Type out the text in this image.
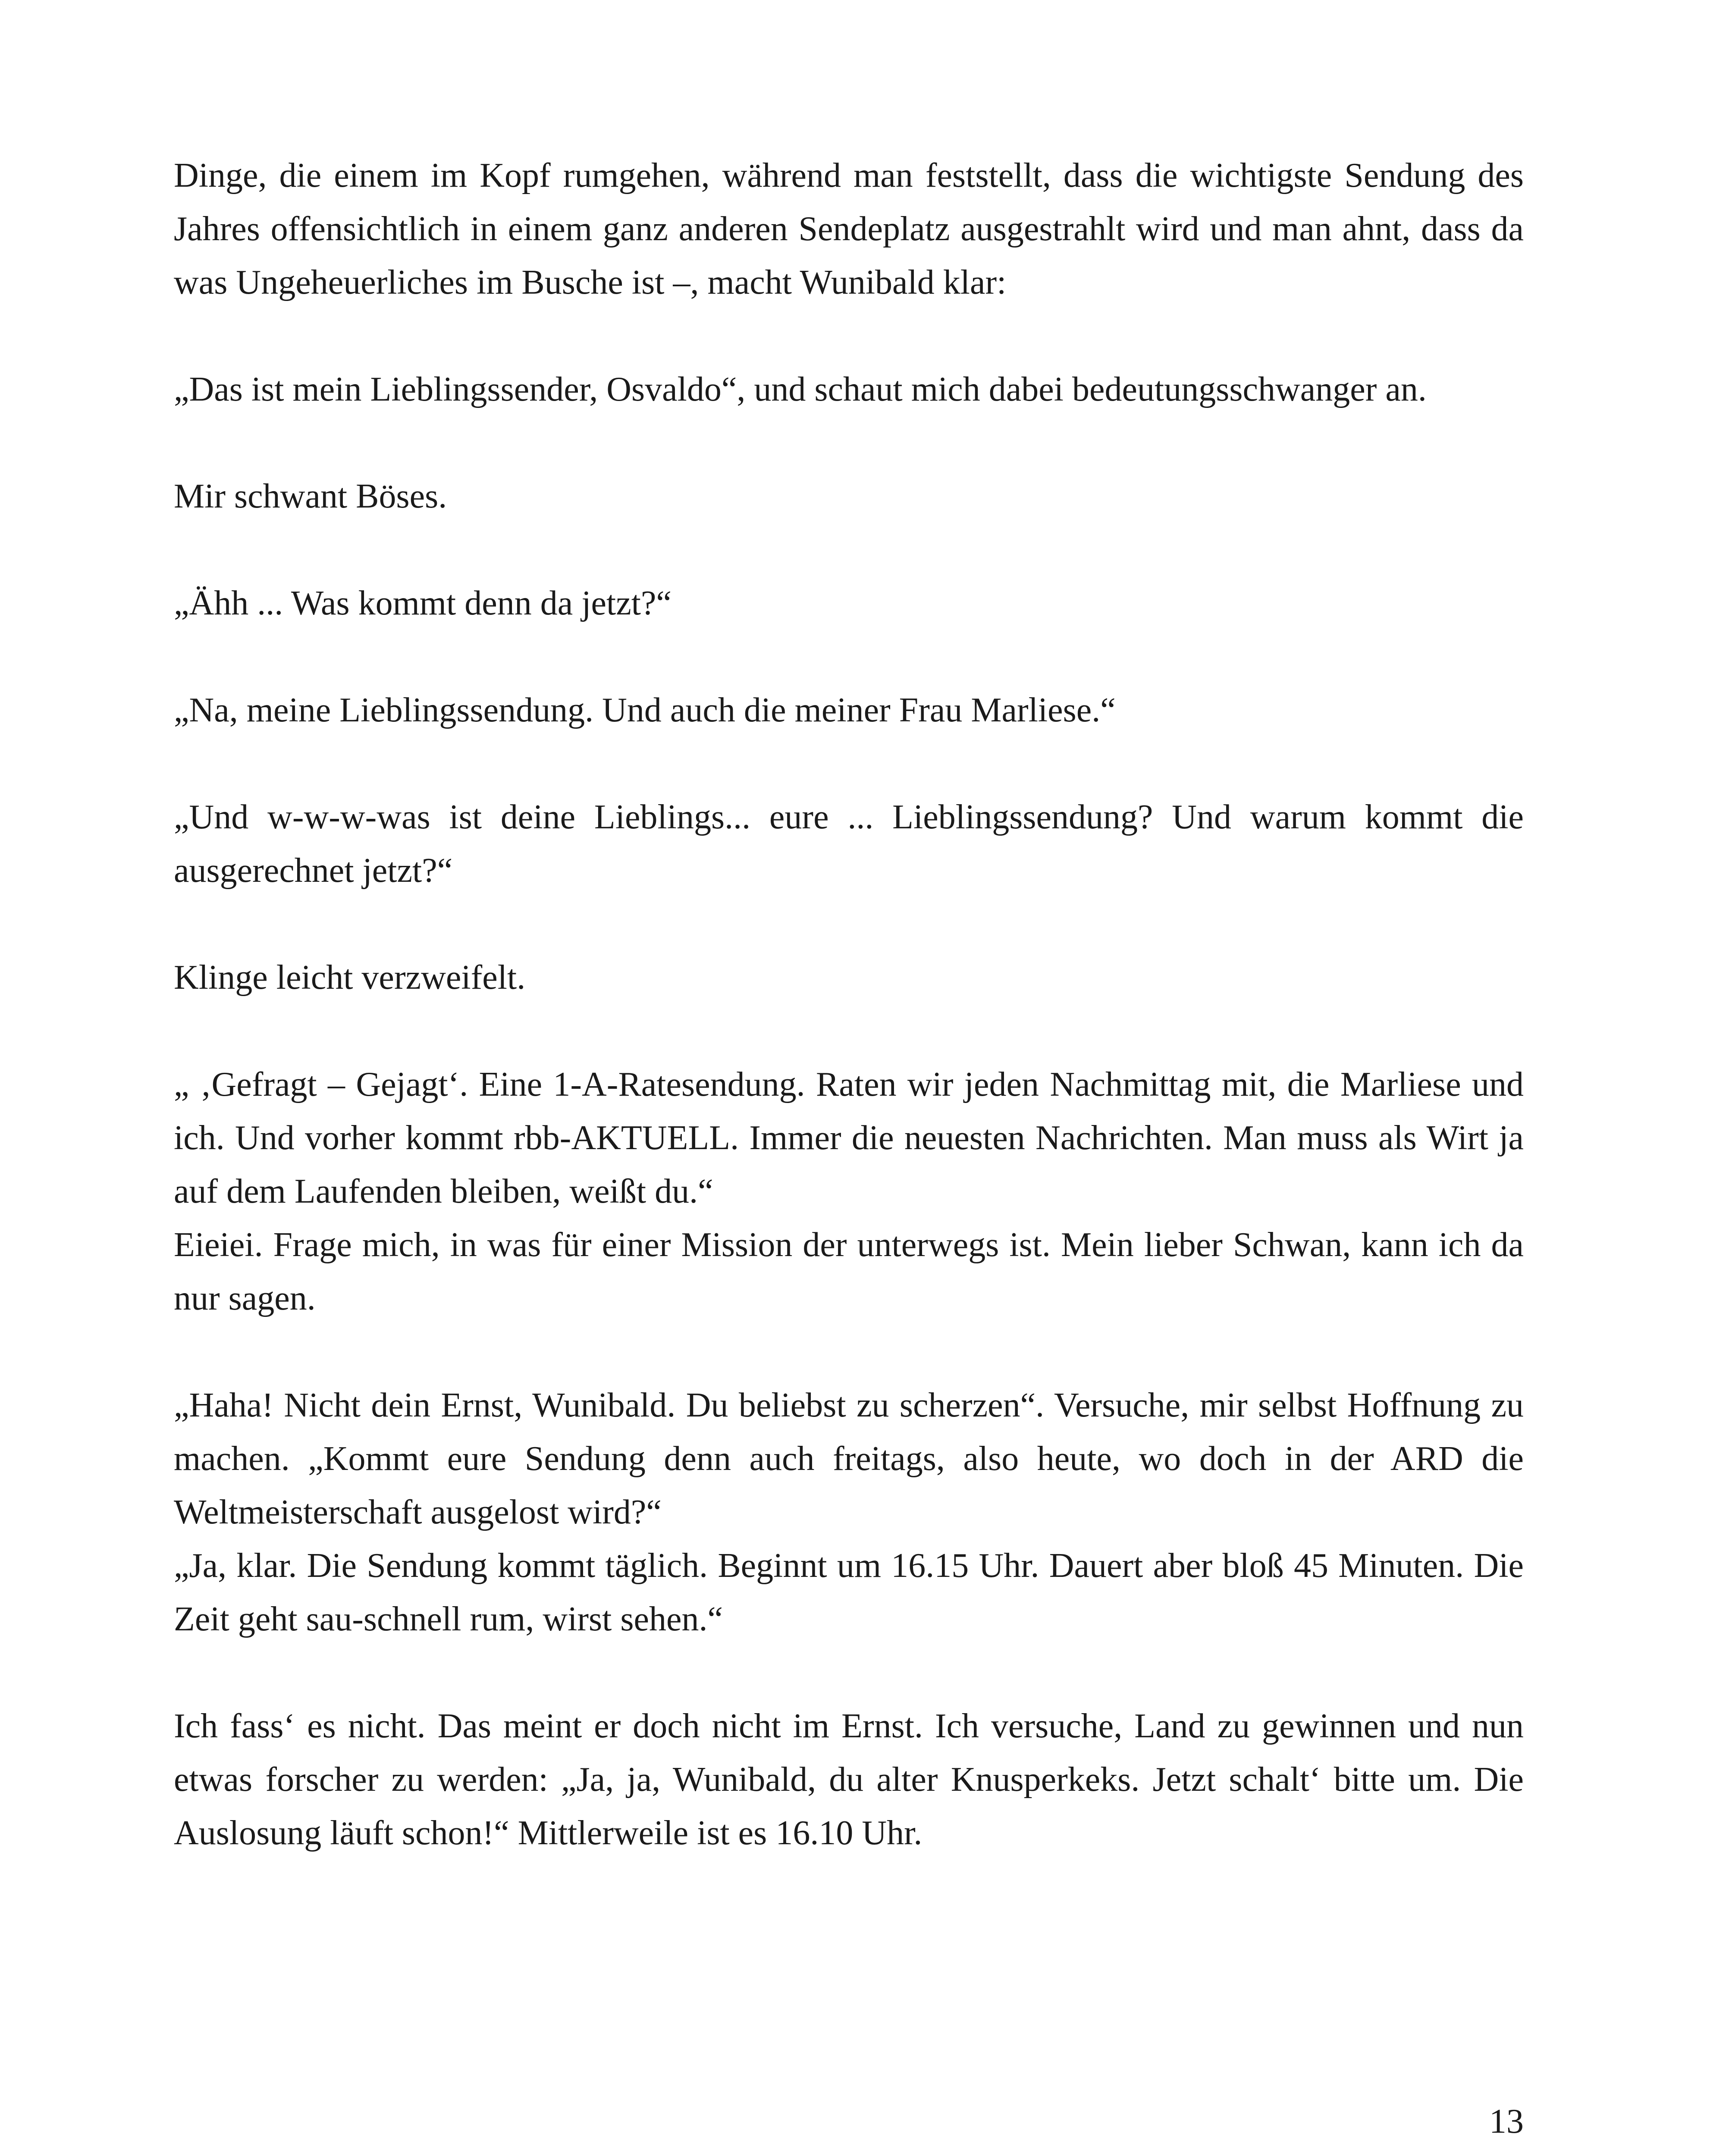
Dinge, die einem im Kopf rumgehen, während man feststellt, dass die wichtigste Sendung des Jahres offensichtlich in einem ganz anderen Sendeplatz ausgestrahlt wird und man ahnt, dass da was Ungeheuerliches im Busche ist –, macht Wunibald klar:

„Das ist mein Lieblingssender, Osvaldo“, und schaut mich dabei bedeutungsschwanger an.

Mir schwant Böses.

„Ähh ... Was kommt denn da jetzt?“

„Na, meine Lieblingssendung. Und auch die meiner Frau Marliese.“

„Und w-w-w-was ist deine Lieblings... eure ... Lieblingssendung? Und warum kommt die ausgerechnet jetzt?“

Klinge leicht verzweifelt.

„ ‚Gefragt – Gejagt‘. Eine 1-A-Ratesendung. Raten wir jeden Nachmittag mit, die Marliese und ich. Und vorher kommt rbb-AKTUELL. Immer die neuesten Nachrichten. Man muss als Wirt ja auf dem Laufenden bleiben, weißt du.“

Eieiei. Frage mich, in was für einer Mission der unterwegs ist. Mein lieber Schwan, kann ich da nur sagen.

„Haha! Nicht dein Ernst, Wunibald. Du beliebst zu scherzen“. Versuche, mir selbst Hoffnung zu machen. „Kommt eure Sendung denn auch freitags, also heute, wo doch in der ARD die Weltmeisterschaft ausgelost wird?“

„Ja, klar. Die Sendung kommt täglich. Beginnt um 16.15 Uhr. Dauert aber bloß 45 Minuten. Die Zeit geht sau-schnell rum, wirst sehen.“

Ich fass‘ es nicht. Das meint er doch nicht im Ernst. Ich versuche, Land zu gewinnen und nun etwas forscher zu werden: „Ja, ja, Wunibald, du alter Knusperkeks. Jetzt schalt‘ bitte um. Die Auslosung läuft schon!“ Mittlerweile ist es 16.10 Uhr.

13
